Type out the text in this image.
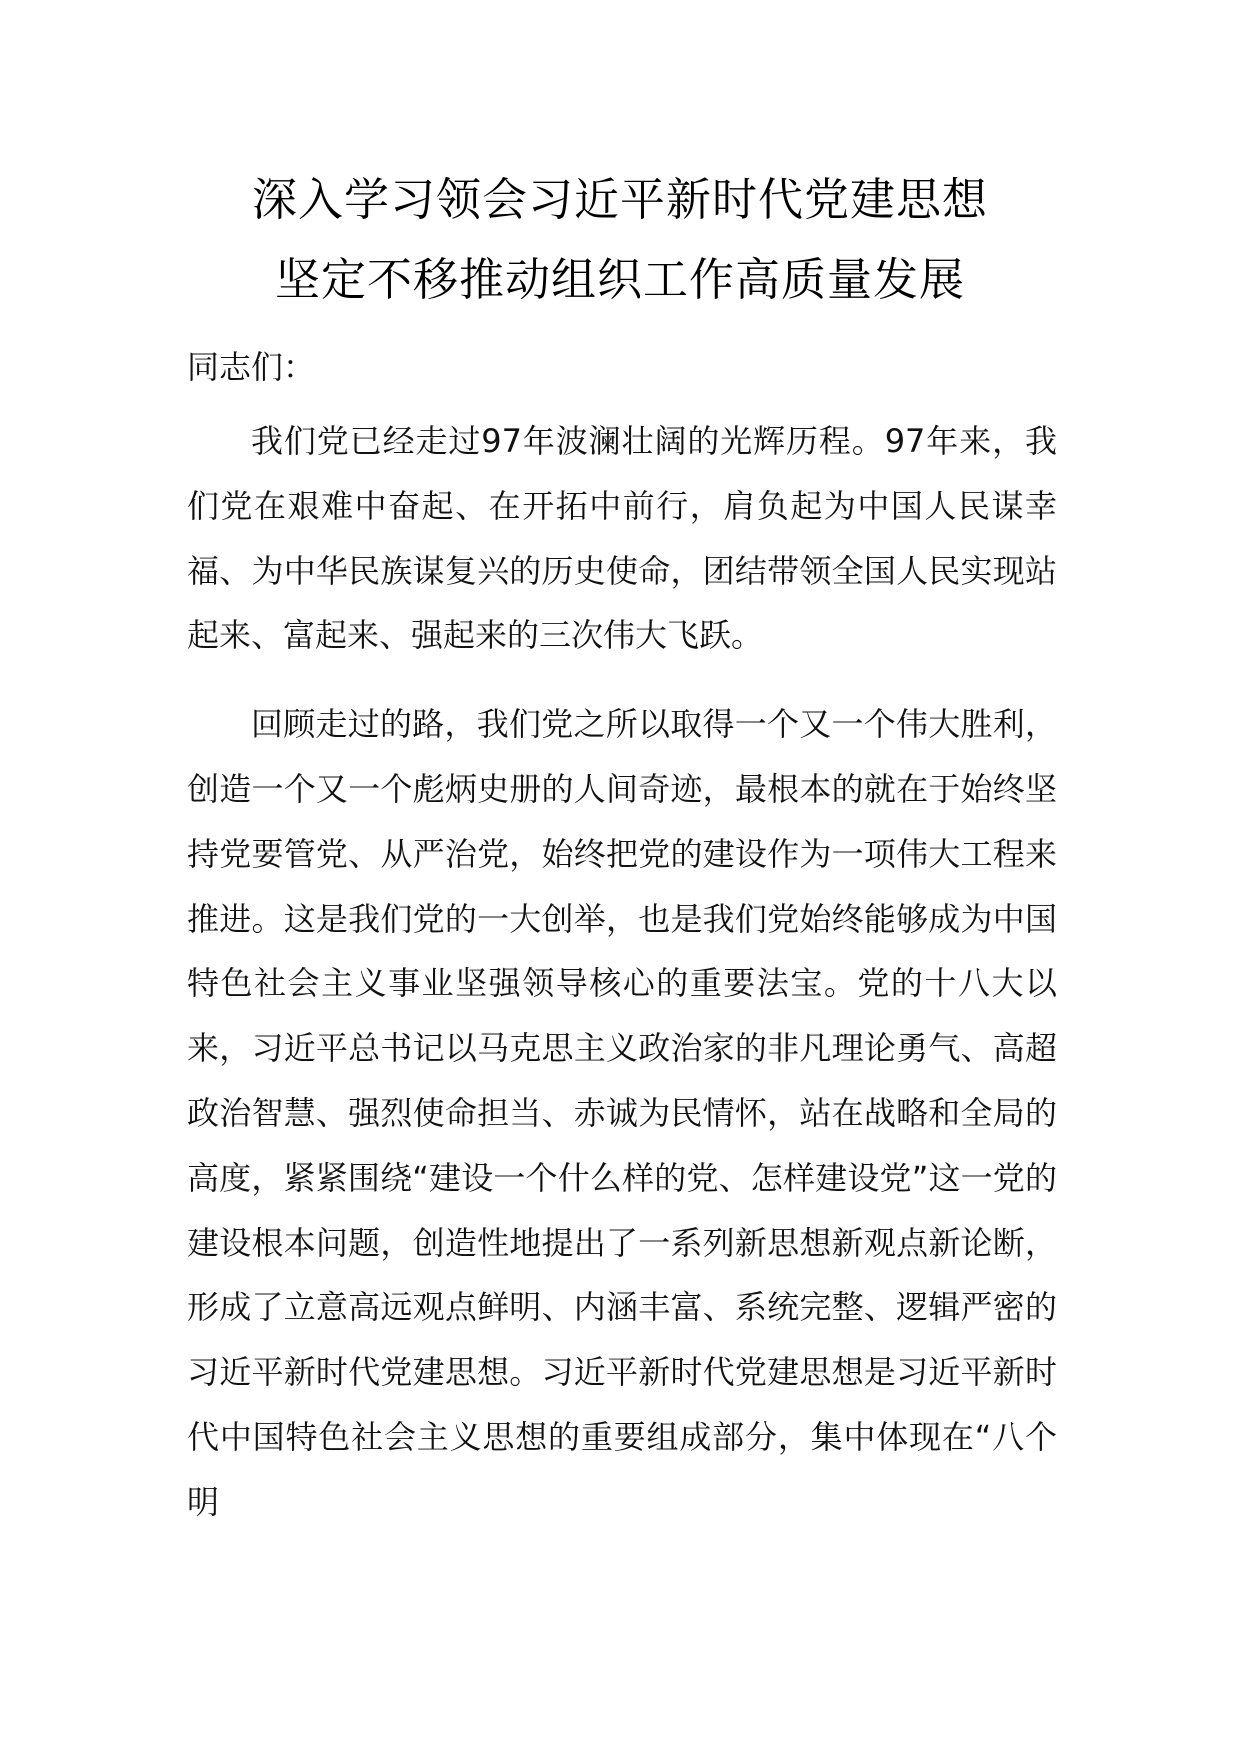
深入学习领会习近平新时代党建思想
坚定不移推动组织工作高质量发展
同志们：

我们党已经走过97年波澜壮阔的光辉历程。97年来，我们党在艰难中奋起、在开拓中前行，肩负起为中国人民谋幸福、为中华民族谋复兴的历史使命，团结带领全国人民实现站起来、富起来、强起来的三次伟大飞跃。

回顾走过的路，我们党之所以取得一个又一个伟大胜利，创造一个又一个彪炳史册的人间奇迹，最根本的就在于始终坚持党要管党、从严治党，始终把党的建设作为一项伟大工程来推进。这是我们党的一大创举，也是我们党始终能够成为中国特色社会主义事业坚强领导核心的重要法宝。党的十八大以来，习近平总书记以马克思主义政治家的非凡理论勇气、高超政治智慧、强烈使命担当、赤诚为民情怀，站在战略和全局的高度，紧紧围绕“建设一个什么样的党、怎样建设党”这一党的建设根本问题，创造性地提出了一系列新思想新观点新论断，形成了立意高远观点鲜明、内涵丰富、系统完整、逻辑严密的习近平新时代党建思想。习近平新时代党建思想是习近平新时代中国特色社会主义思想的重要组成部分，集中体现在“八个明
